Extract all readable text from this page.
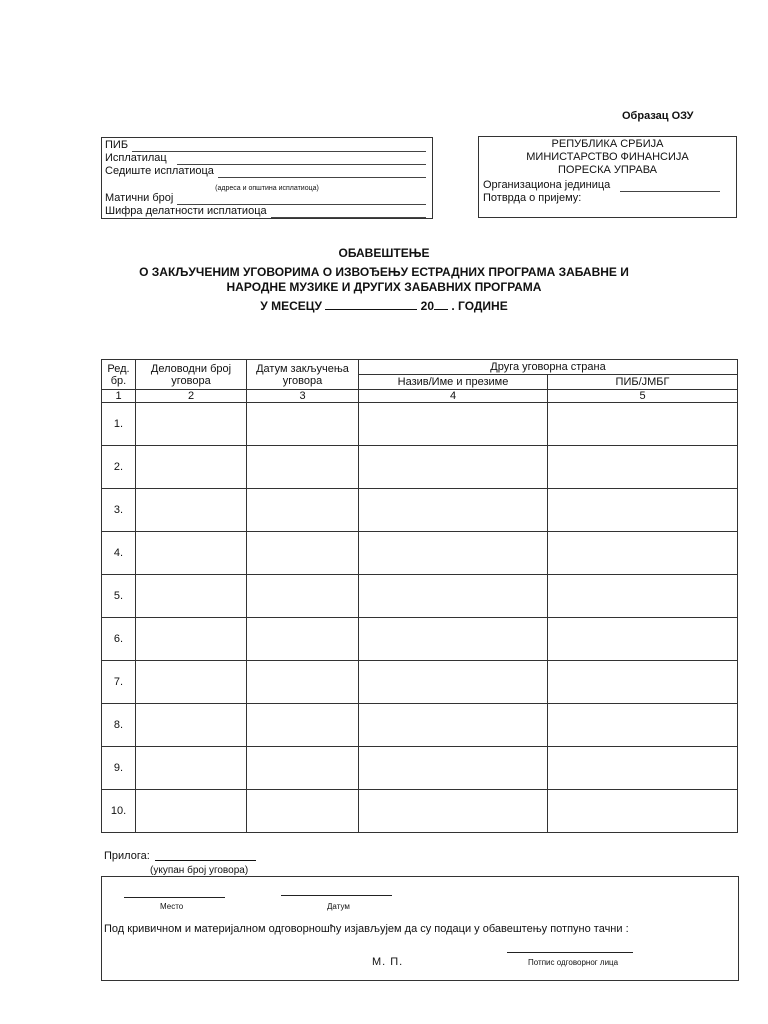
Образац ОЗУ
ПИБ
Исплатилац
Седиште исплатиоца
(адреса и општина исплатиоца)
Матични број
Шифра делатности исплатиоца
РЕПУБЛИКА СРБИЈА
МИНИСТАРСТВО ФИНАНСИЈА
ПОРЕСКА УПРАВА
Организациона јединица
Потврда о пријему:
ОБАВЕШТЕЊЕ
О ЗАКЉУЧЕНИМ УГОВОРИМА О ИЗВОЂЕЊУ ЕСТРАДНИХ ПРОГРАМА ЗАБАВНЕ И НАРОДНЕ МУЗИКЕ И ДРУГИХ ЗАБАВНИХ ПРОГРАМА
У МЕСЕЦУ	20 . ГОДИНЕ
Ред. бр.	Деловодни број уговора	Датум закључења уговора	Друга уговорна страна	
			Назив/Име и презиме	ПИБ/ЈМБГ
1	2	3	4	5
1.				
2.				
3.				
4.				
5.				
6.				
7.				
8.				
9.				
10.				
Прилога:
(укупан број уговора)
Место	Датум
Под кривичном и материјалном одговорношћу изјављујем да су подаци у обавештењу потпуно тачни :
М. П.	Потпис одговорног лица
